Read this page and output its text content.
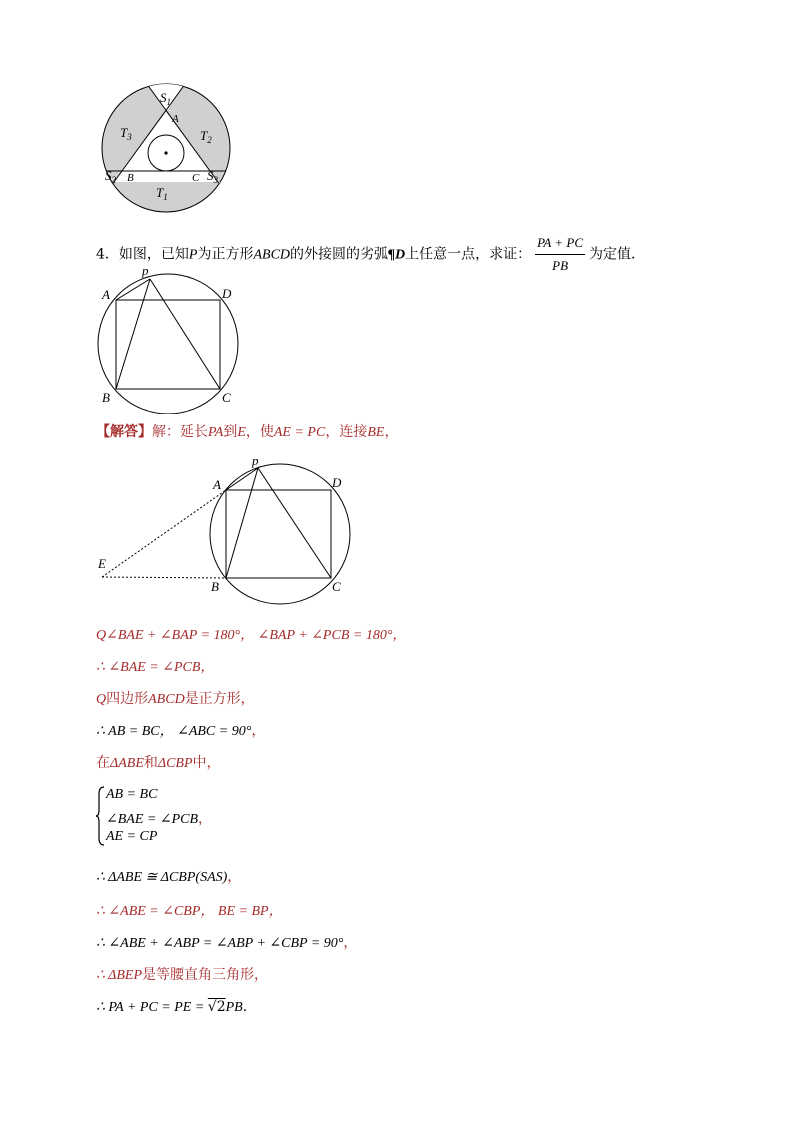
$S_1$
A
$T_3$	$T_2$
$S_2$ B	C $S_3$
$T_1$
4．如图，已知P为正方形ABCD的外接圆的劣弧¶D上任意一点，求证： $\frac{PA + PC}{PB}$ 为定值．
p
A	D
B	C
【解答】解：延长PA到E，使AE = PC，连接BE，
p
A	D
E
B	C
Q∠BAE + ∠BAP = 180°， ∠BAP + ∠PCB = 180°，
∴ ∠BAE = ∠PCB，
Q四边形ABCD是正方形，
∴ AB = BC， ∠ABC = 90°，
在ΔABE和ΔCBP中，
AB = BC
∠BAE = ∠PCB，
AE = CP
∴ ΔABE ≅ ΔCBP(SAS)，
∴ ∠ABE = ∠CBP， BE = BP，
∴ ∠ABE + ∠ABP = ∠ABP + ∠CBP = 90°，
∴ ΔBEP是等腰直角三角形，
∴ PA + PC = PE = √2PB．
